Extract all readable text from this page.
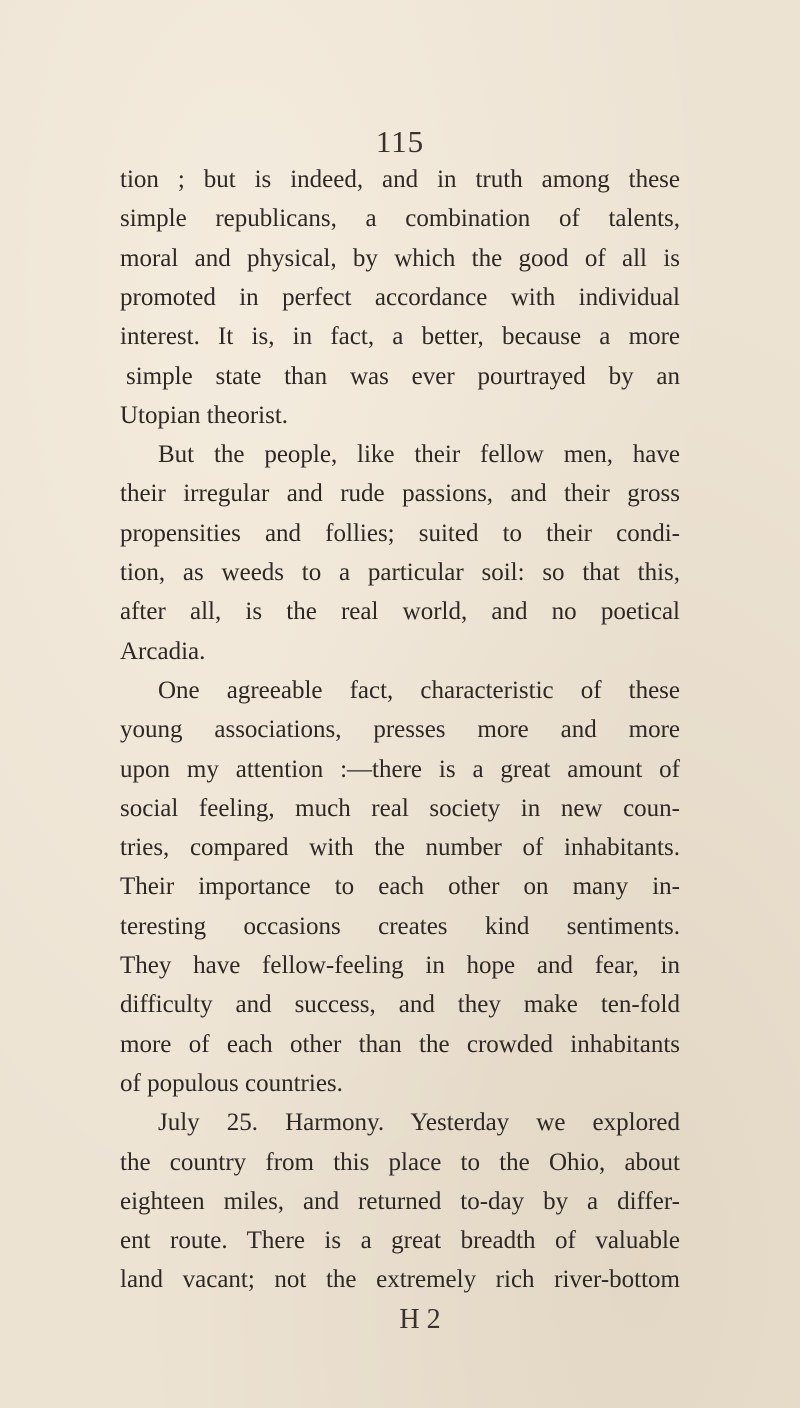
115
tion ; but is indeed, and in truth among these
simple republicans, a combination of talents,
moral and physical, by which the good of all is
promoted in perfect accordance with individual
interest. It is, in fact, a better, because a more
simple state than was ever pourtrayed by an
Utopian theorist.
But the people, like their fellow men, have
their irregular and rude passions, and their gross
propensities and follies; suited to their condi-
tion, as weeds to a particular soil: so that this,
after all, is the real world, and no poetical
Arcadia.
One agreeable fact, characteristic of these
young associations, presses more and more
upon my attention :—there is a great amount of
social feeling, much real society in new coun-
tries, compared with the number of inhabitants.
Their importance to each other on many in-
teresting occasions creates kind sentiments.
They have fellow-feeling in hope and fear, in
difficulty and success, and they make ten-fold
more of each other than the crowded inhabitants
of populous countries.
July 25. Harmony. Yesterday we explored
the country from this place to the Ohio, about
eighteen miles, and returned to-day by a differ-
ent route. There is a great breadth of valuable
land vacant; not the extremely rich river-bottom
H 2
